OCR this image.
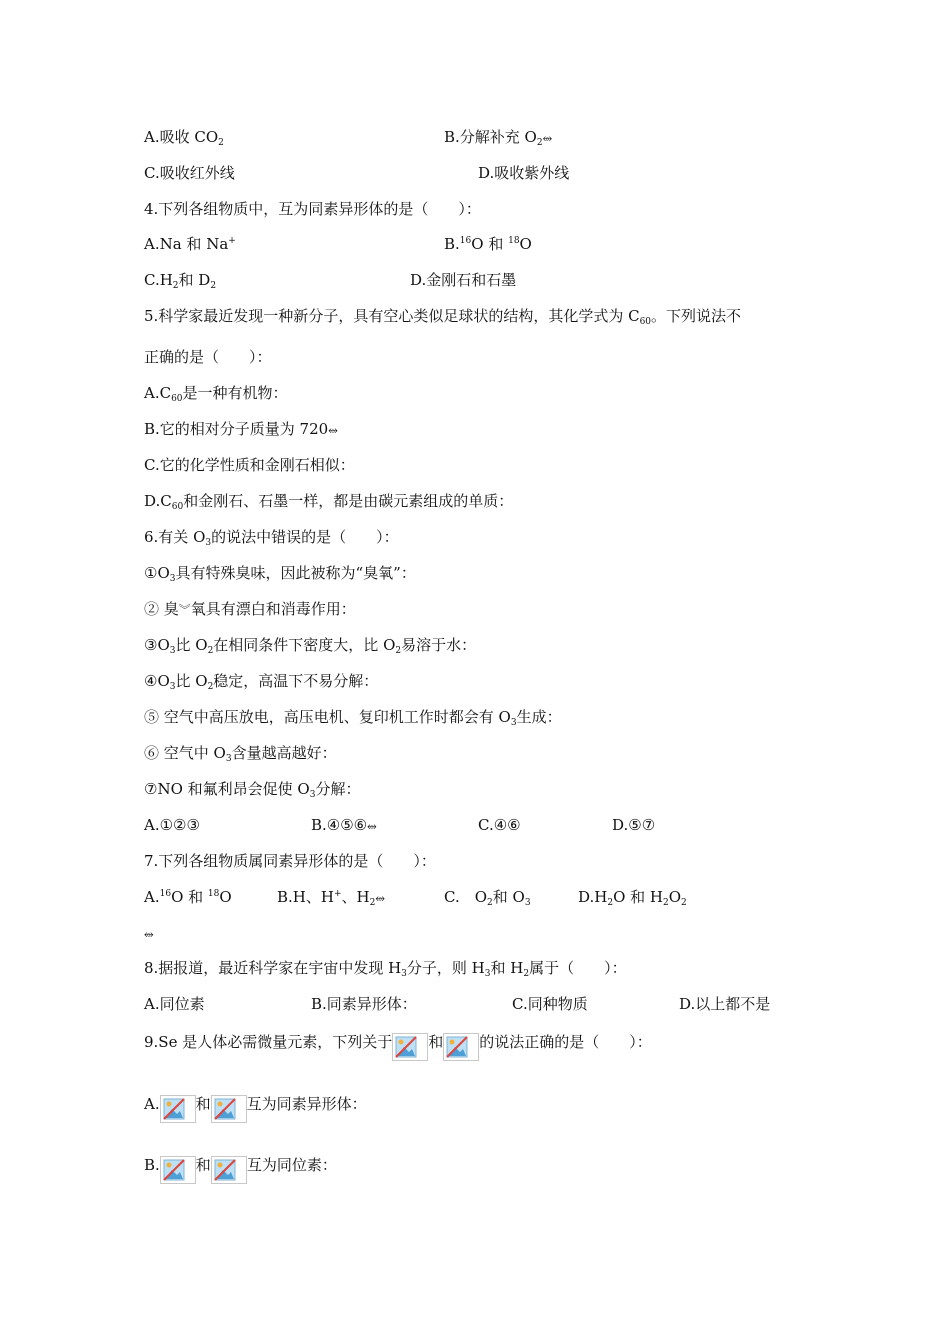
A.吸收 $CO_2$	B.分解补充 $O_2⥈$
C.吸收红外线	D.吸收紫外线
4.下列各组物质中，互为同素异形体的是（　　）：
A.Na 和 Na+	B.$^{16}$O 和 $^{18}$O
$C.H_2$和 $D_2$	D.金刚石和石墨
5.科学家最近发现一种新分子，具有空心类似足球状的结构，其化学式为 $C_{60}$。下列说法不
正确的是（　　）：
$A.C_{60}$是一种有机物：
B.它的相对分子质量为 720⥈
C.它的化学性质和金刚石相似：
$D.C_{60}$和金刚石、石墨一样，都是由碳元素组成的单质：
6.有关 $O_3$的说法中错误的是（　　）：
$①O_3$具有特殊臭味，因此被称为“臭氧”：
② 臭︾氧具有漂白和消毒作用：
$③O_3$比 $O_2$在相同条件下密度大，比 $O_2$易溶于水：
$④O_3$比 $O_2$稳定，高温下不易分解：
⑤ 空气中高压放电，高压电机、复印机工作时都会有 $O_3$生成：
⑥ 空气中 $O_3$含量越高越好：
⑦NO 和氟利昂会促使 $O_3$分解：
A.①②③	B.④⑤⑥⥈	C.④⑥	D.⑤⑦
7.下列各组物质属同素异形体的是（　　）：
A.$^{16}$O 和 $^{18}$O	B.H、H+、$H_2⥈$	C.　$O_2$和 $O_3$	$D.H_2O$ 和 $H_2O_2$
⥈
8.据报道，最近科学家在宇宙中发现 $H_3$分子，则 $H_3$和 $H_2$属于（　　）：
A.同位素	B.同素异形体：	C.同种物质	D.以上都不是
9.Se 是人体必需微量元素，下列关于 和 的说法正确的是（　　）：
A. 和 互为同素异形体：
B. 和 互为同位素：
